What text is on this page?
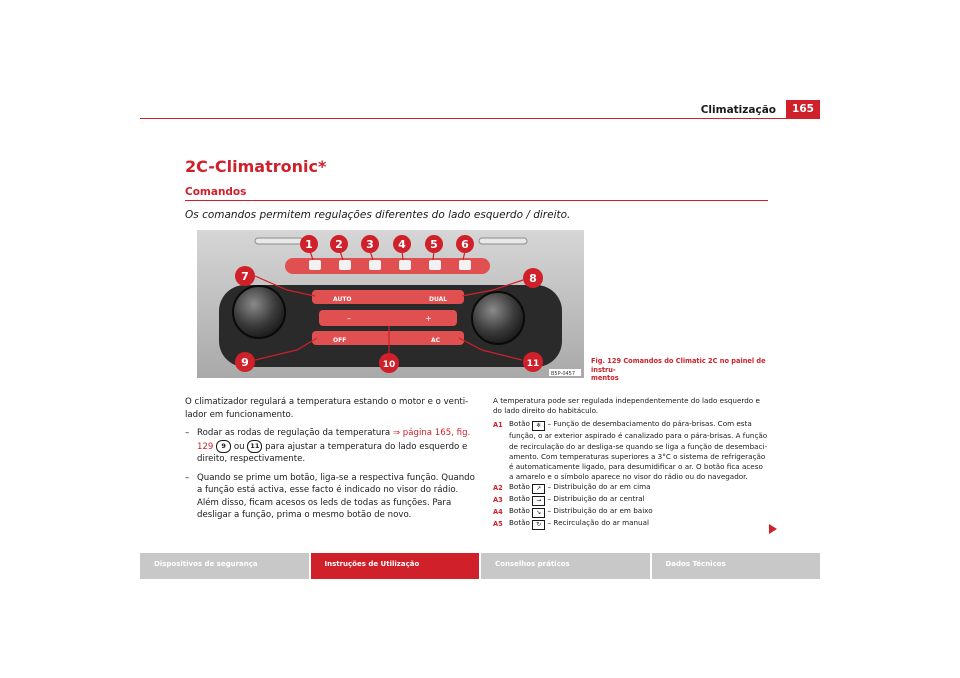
Climatização	165
2C-Climatronic*
Comandos
Os comandos permitem regulações diferentes do lado esquerdo / direito.
AUTO	DUAL
OFF	AC
–	+
1 2 3 4 5 6
7	8
9	10	11
B5P-0457
Fig. 129 Comandos do Climatic 2C no painel de instru-
mentos

O climatizador regulará a temperatura estando o motor e o venti-lador em funcionamento.

– Rodar as rodas de regulação da temperatura ⇒ página 165, fig. 129 9 ou 11 para ajustar a temperatura do lado esquerdo e direito, respectivamente.
– Quando se prime um botão, liga-se a respectiva função. Quando a função está activa, esse facto é indicado no visor do rádio. Além disso, ficam acesos os leds de todas as funções. Para desligar a função, prima o mesmo botão de novo.

A temperatura pode ser regulada independentemente do lado esquerdo e do lado direito do habitáculo.

A1 Botão ❄ – Função de desembaciamento do pára-brisas. Com esta função, o ar exterior aspirado é canalizado para o pára-brisas. A função de recirculação do ar desliga-se quando se liga a função de desembaci-amento. Com temperaturas superiores a 3°C o sistema de refrigeração é automaticamente ligado, para desumidificar o ar. O botão fica aceso a amarelo e o símbolo aparece no visor do rádio ou do navegador.
A2 Botão ↗ – Distribuição do ar em cima
A3 Botão → – Distribuição do ar central
A4 Botão ↘ – Distribuição do ar em baixo
A5 Botão ↻ – Recirculação do ar manual
Dispositivos de segurança	Instruções de Utilização	Conselhos práticos	Dados Técnicos
